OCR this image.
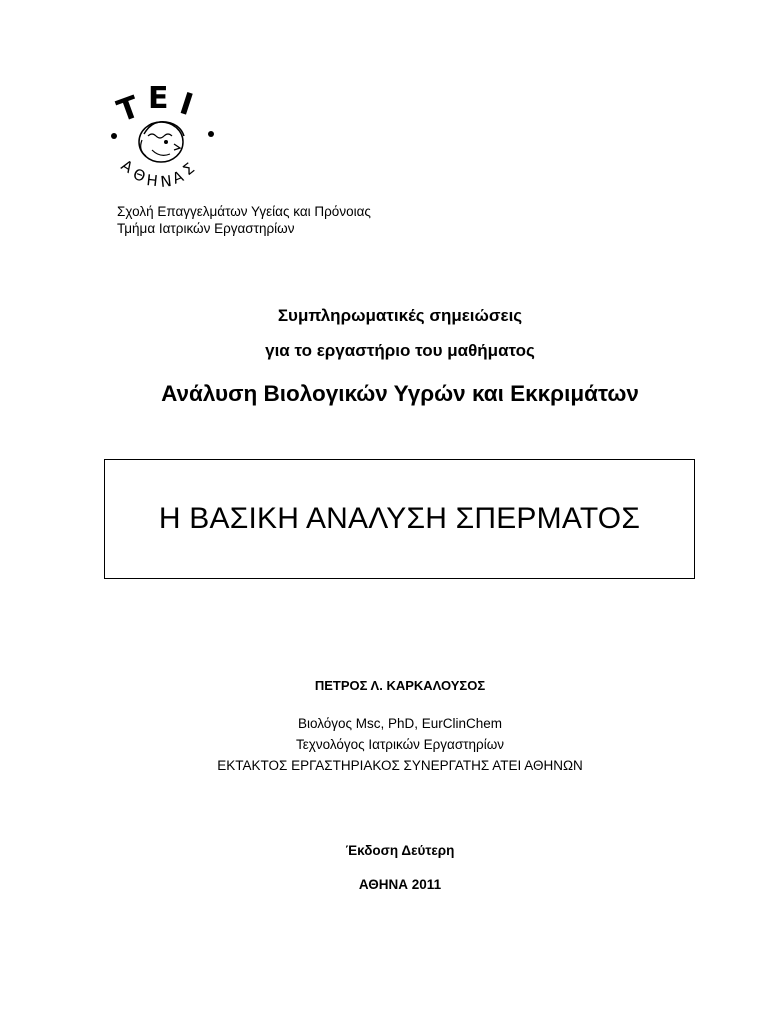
Τ Ε Ι
Α
Θ
Η Ν
Α
Σ
Σχολή Επαγγελμάτων Υγείας και Πρόνοιας
Τμήμα Ιατρικών Εργαστηρίων
Συμπληρωματικές σημειώσεις
για το εργαστήριο του μαθήματος
Ανάλυση Βιολογικών Υγρών και Εκκριμάτων
Η ΒΑΣΙΚΗ ΑΝΑΛΥΣΗ ΣΠΕΡΜΑΤΟΣ
ΠΕΤΡΟΣ Λ. ΚΑΡΚΑΛΟΥΣΟΣ
Βιολόγος Msc, PhD, EurClinChem
Τεχνολόγος Ιατρικών Εργαστηρίων
ΕΚΤΑΚΤΟΣ ΕΡΓΑΣΤΗΡΙΑΚΟΣ ΣΥΝΕΡΓΑΤΗΣ ΑΤΕΙ ΑΘΗΝΩΝ
Έκδοση Δεύτερη
ΑΘΗΝΑ 2011
